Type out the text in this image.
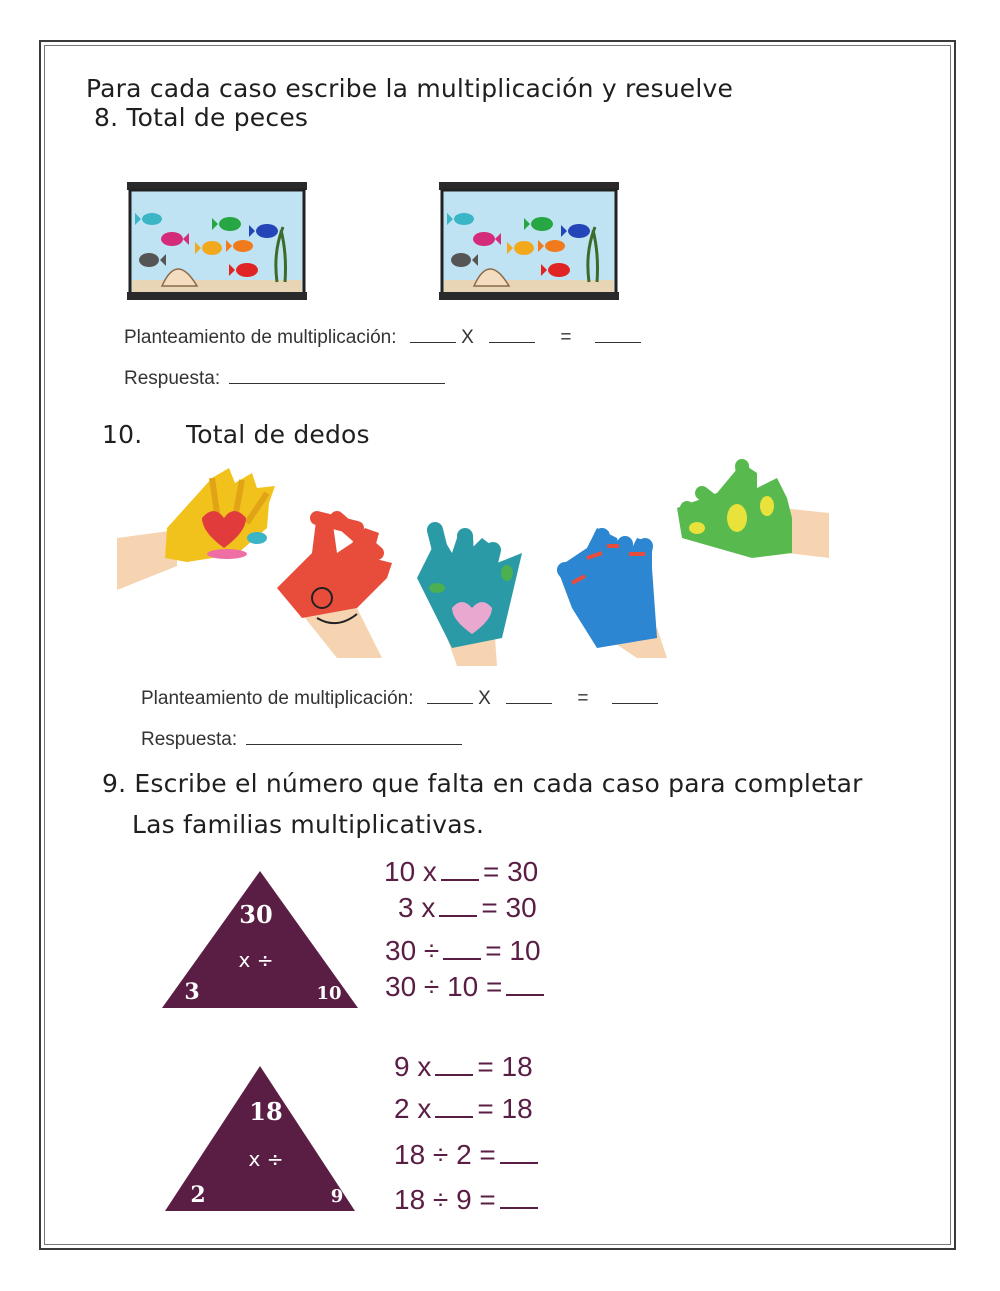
Para cada caso escribe la multiplicación y resuelve
8. Total de peces
Planteamiento de multiplicación:	X	=
Respuesta:
10. Total de dedos
Planteamiento de multiplicación:	X	=
Respuesta:
9. Escribe el número que falta en cada caso para completar
Las familias multiplicativas.
30
x ÷
3	10
10 x = 30
3 x = 30
30 ÷ = 10
30 ÷ 10 =
18
x ÷
2	9
9 x = 18
2 x = 18
18 ÷ 2 =
18 ÷ 9 =
